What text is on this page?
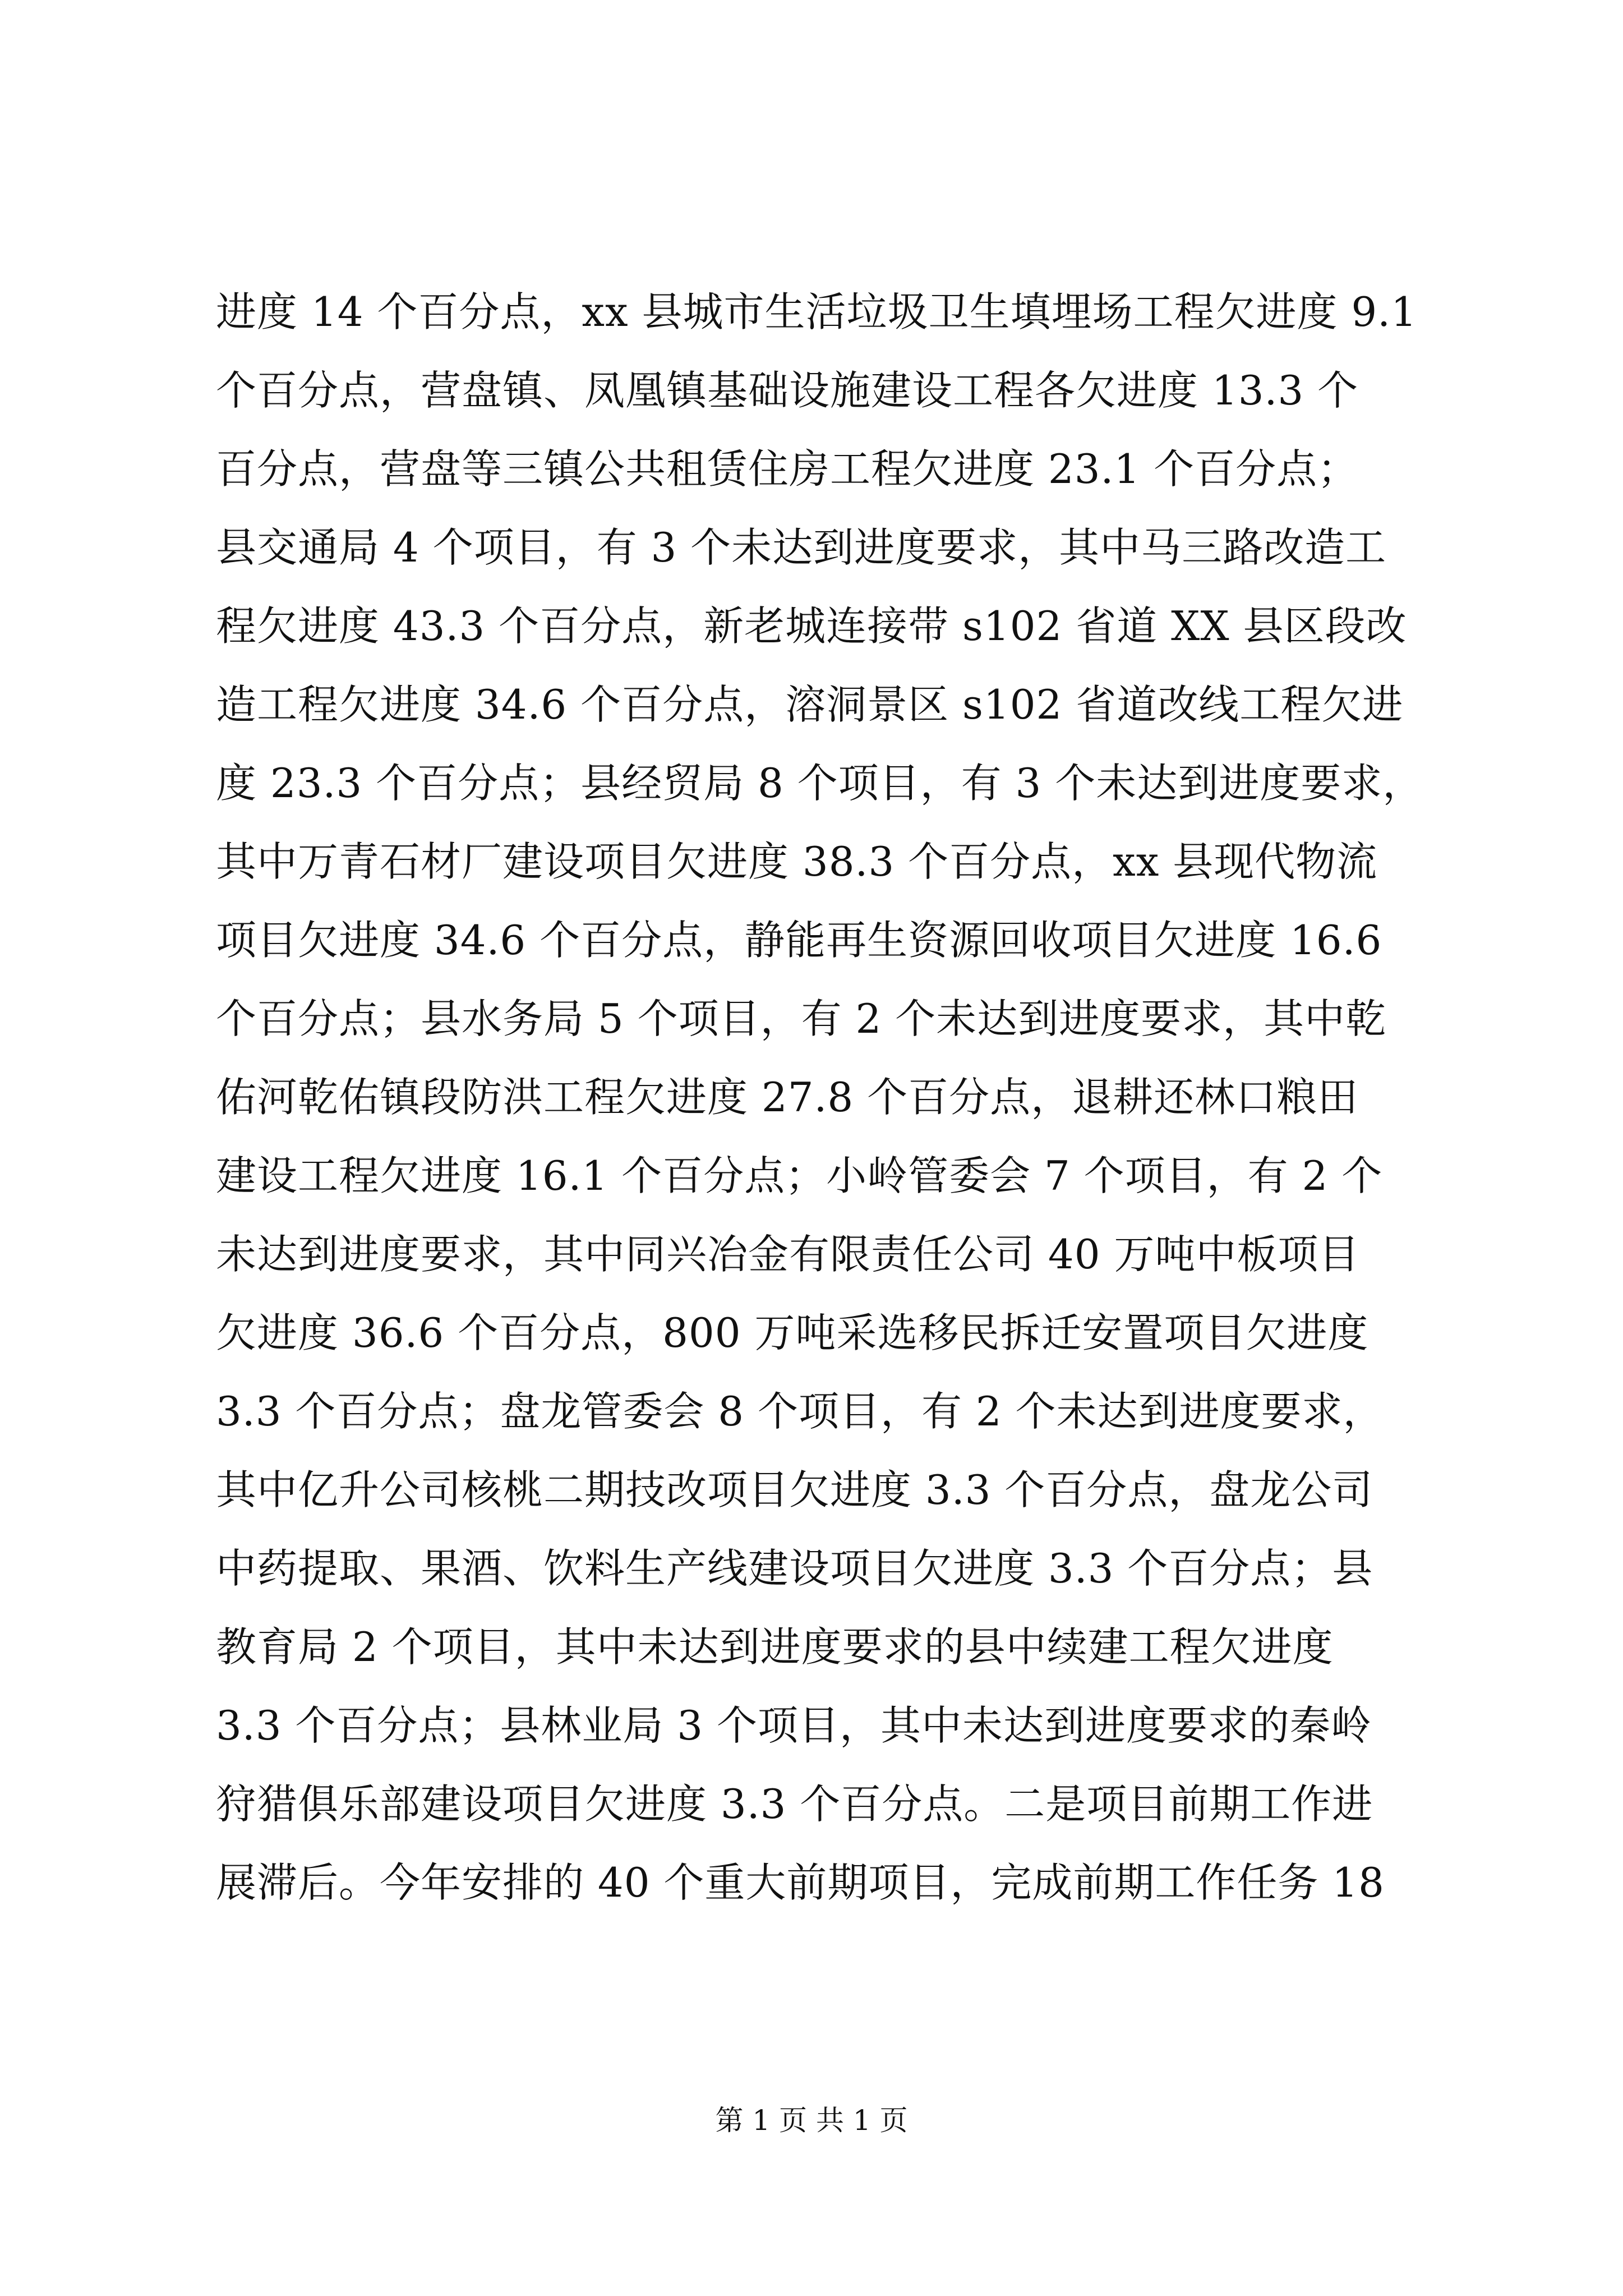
进度 14 个百分点，xx 县城市生活垃圾卫生填埋场工程欠进度 9.1
个百分点，营盘镇、凤凰镇基础设施建设工程各欠进度 13.3 个
百分点，营盘等三镇公共租赁住房工程欠进度 23.1 个百分点；
县交通局 4 个项目，有 3 个未达到进度要求，其中马三路改造工
程欠进度 43.3 个百分点，新老城连接带 s102 省道 XX 县区段改
造工程欠进度 34.6 个百分点，溶洞景区 s102 省道改线工程欠进
度 23.3 个百分点；县经贸局 8 个项目，有 3 个未达到进度要求，
其中万青石材厂建设项目欠进度 38.3 个百分点，xx 县现代物流
项目欠进度 34.6 个百分点，静能再生资源回收项目欠进度 16.6
个百分点；县水务局 5 个项目，有 2 个未达到进度要求，其中乾
佑河乾佑镇段防洪工程欠进度 27.8 个百分点，退耕还林口粮田
建设工程欠进度 16.1 个百分点；小岭管委会 7 个项目，有 2 个
未达到进度要求，其中同兴冶金有限责任公司 40 万吨中板项目
欠进度 36.6 个百分点，800 万吨采选移民拆迁安置项目欠进度
3.3 个百分点；盘龙管委会 8 个项目，有 2 个未达到进度要求，
其中亿升公司核桃二期技改项目欠进度 3.3 个百分点，盘龙公司
中药提取、果酒、饮料生产线建设项目欠进度 3.3 个百分点；县
教育局 2 个项目，其中未达到进度要求的县中续建工程欠进度
3.3 个百分点；县林业局 3 个项目，其中未达到进度要求的秦岭
狩猎俱乐部建设项目欠进度 3.3 个百分点。二是项目前期工作进
展滞后。今年安排的 40 个重大前期项目，完成前期工作任务 18
第 1 页 共 1 页
